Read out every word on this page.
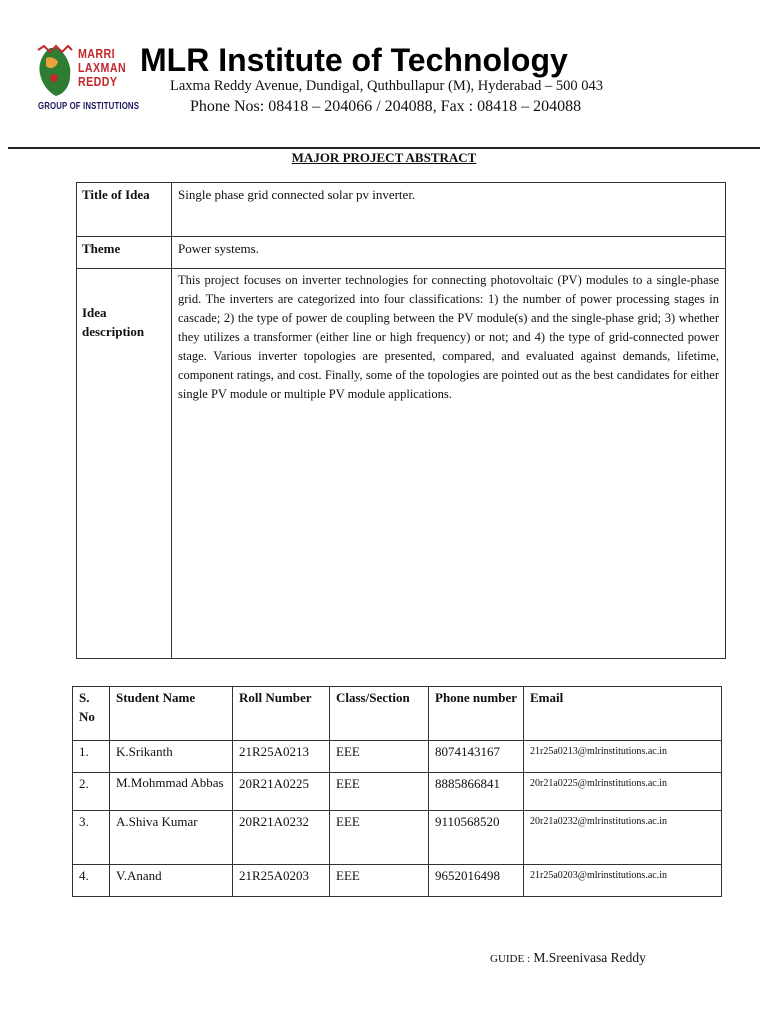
MARRI
LAXMAN
REDDY
GROUP OF INSTITUTIONS
MLR Institute of Technology
Laxma Reddy Avenue, Dundigal, Quthbullapur (M), Hyderabad – 500 043
Phone Nos: 08418 – 204066 / 204088, Fax : 08418 – 204088
MAJOR PROJECT ABSTRACT
Title of Idea	Single phase grid connected solar pv inverter.
Theme	Power systems.
Idea description	This project focuses on inverter technologies for connecting photovoltaic (PV) modules to a single-phase grid. The inverters are categorized into four classifications: 1) the number of power processing stages in cascade; 2) the type of power de coupling between the PV module(s) and the single-phase grid; 3) whether they utilizes a transformer (either line or high frequency) or not; and 4) the type of grid-connected power stage. Various inverter topologies are presented, compared, and evaluated against demands, lifetime, component ratings, and cost. Finally, some of the topologies are pointed out as the best candidates for either single PV module or multiple PV module applications.
S. No	Student Name	Roll Number	Class/Section	Phone number	Email
1.	K.Srikanth	21R25A0213	EEE	8074143167	21r25a0213@mlrinstitutions.ac.in
2.	M.Mohmmad Abbas	20R21A0225	EEE	8885866841	20r21a0225@mlrinstitutions.ac.in
3.	A.Shiva Kumar	20R21A0232	EEE	9110568520	20r21a0232@mlrinstitutions.ac.in
4.	V.Anand	21R25A0203	EEE	9652016498	21r25a0203@mlrinstitutions.ac.in
GUIDE : M.Sreenivasa Reddy
